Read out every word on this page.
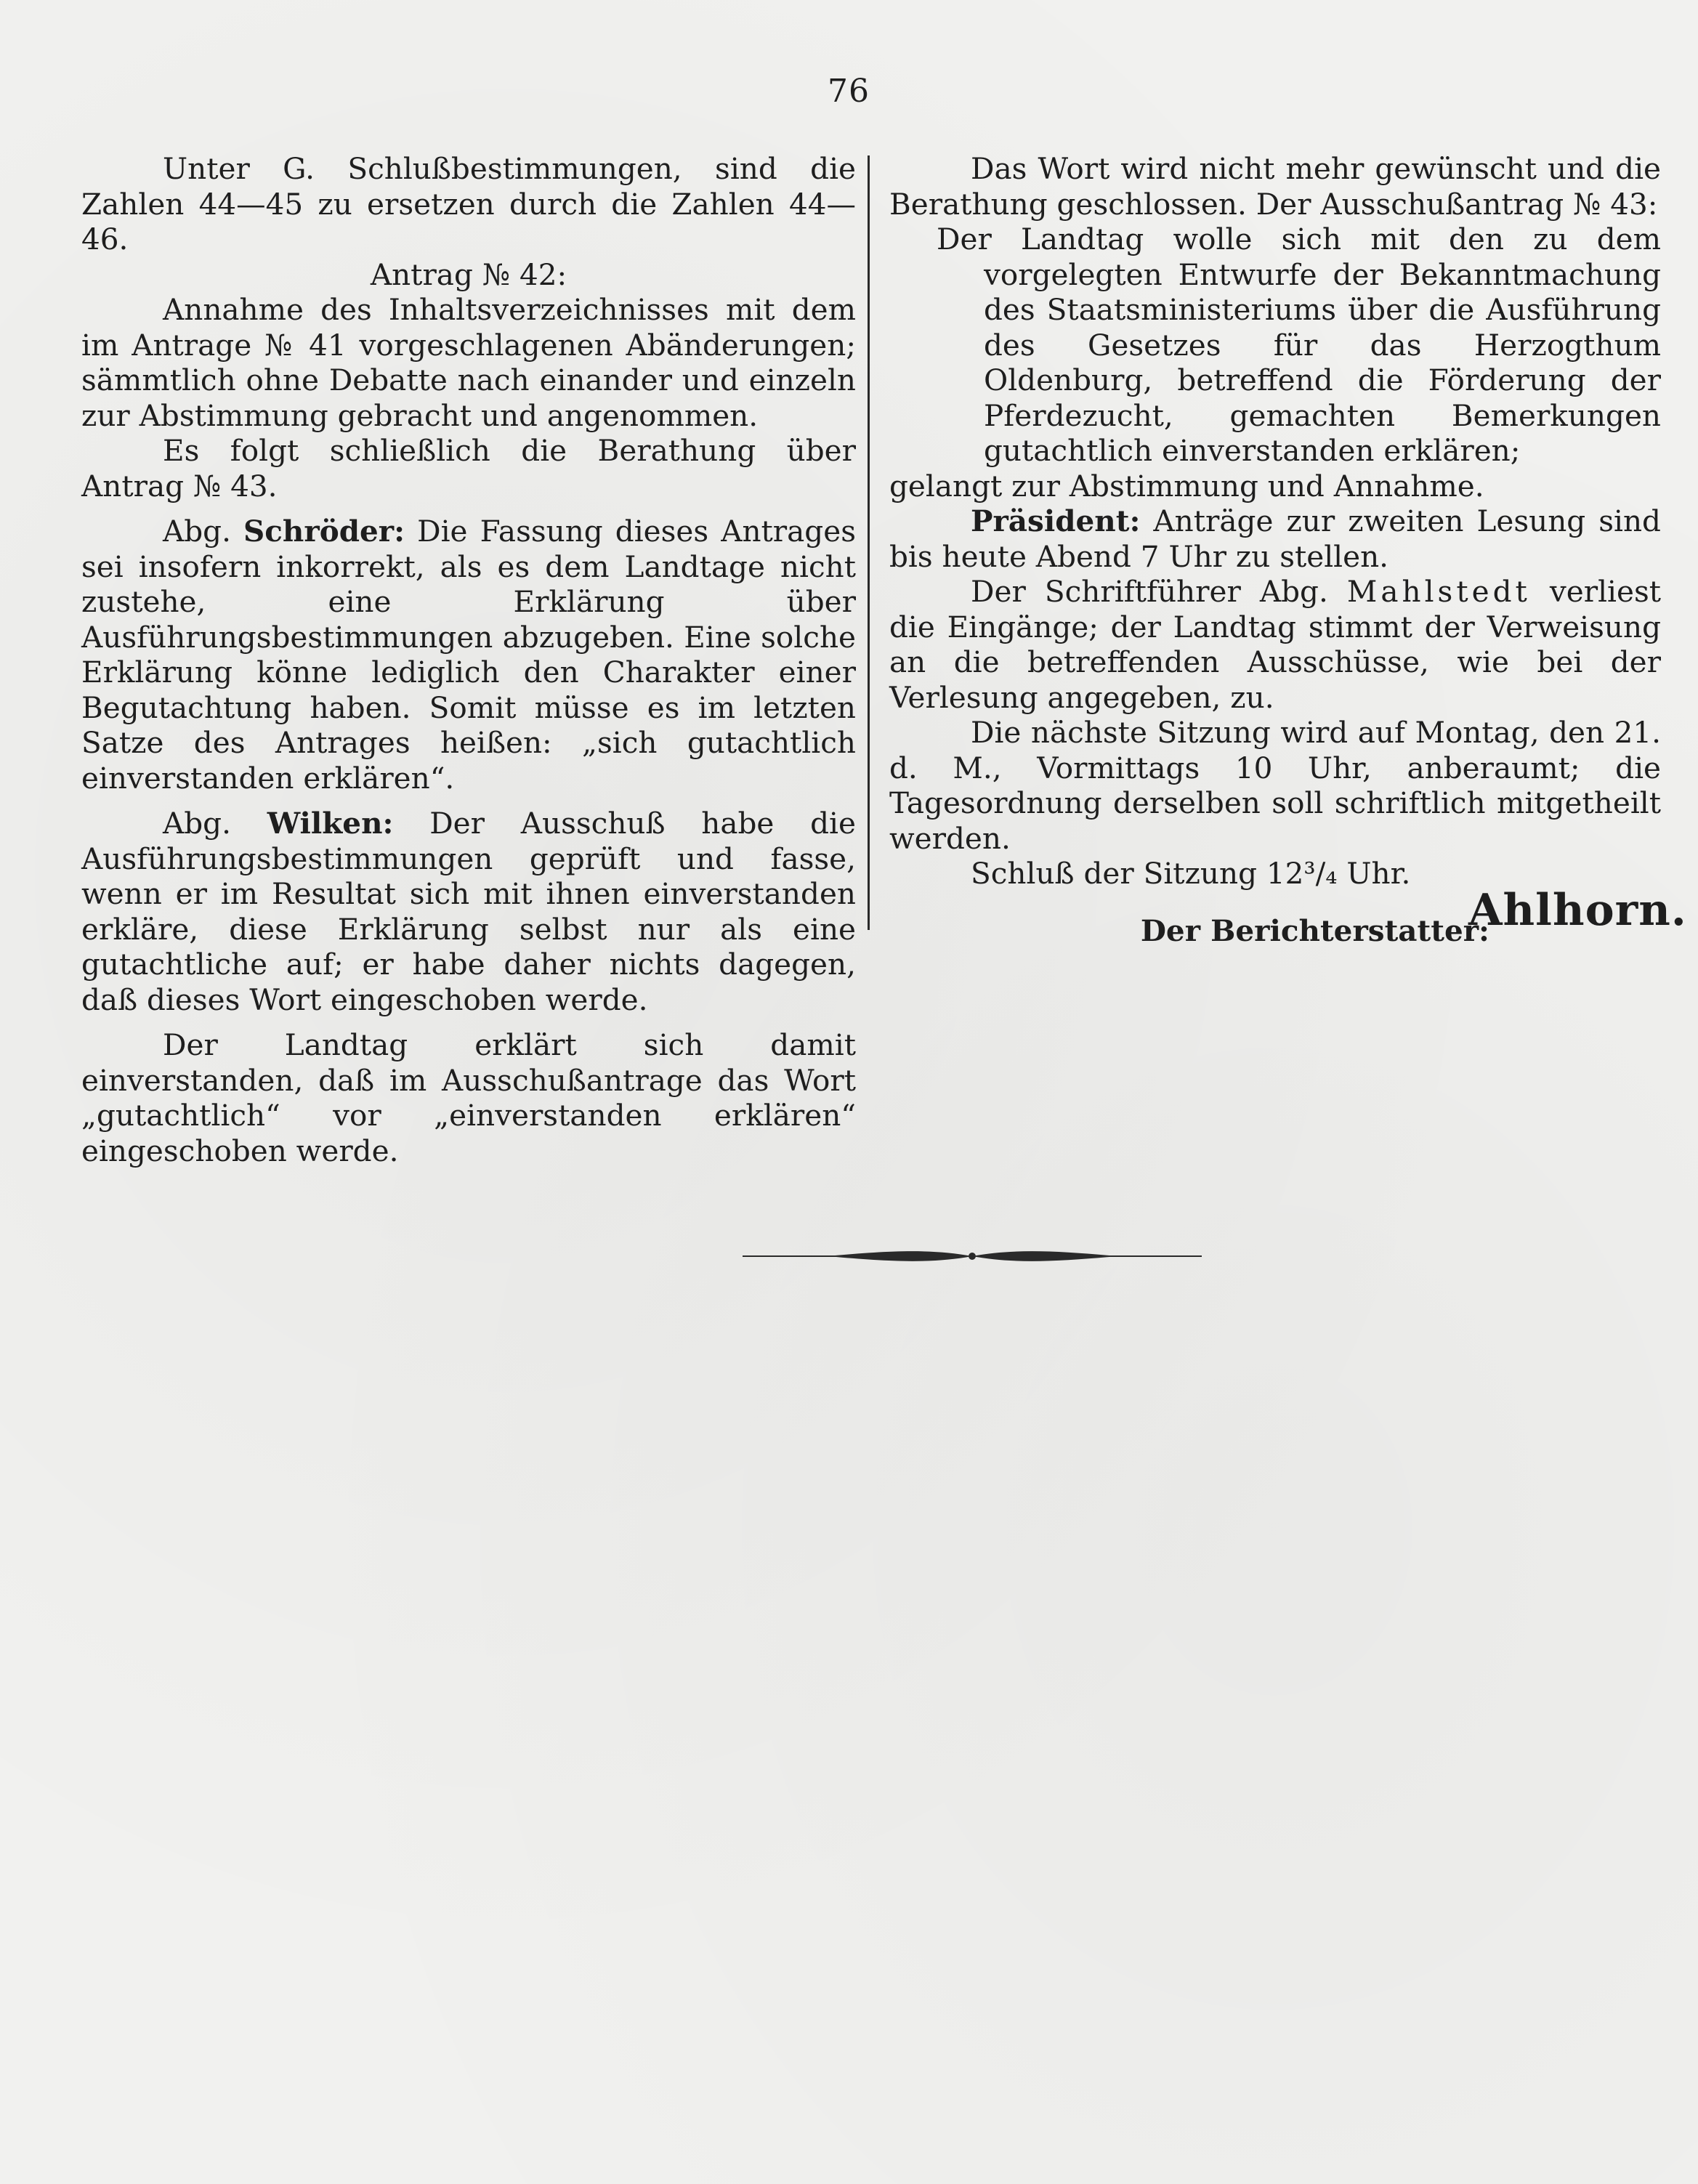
76

Unter G. Schlußbestimmungen, sind die Zahlen 44—45 zu ersetzen durch die Zahlen 44—46.

Antrag № 42:

Annahme des Inhaltsverzeichnisses mit dem im Antrage № 41 vorgeschlagenen Abänderungen; sämmtlich ohne Debatte nach einander und einzeln zur Abstimmung gebracht und angenommen.

Es folgt schließlich die Berathung über Antrag № 43.

Abg. Schröder: Die Fassung dieses Antrages sei insofern inkorrekt, als es dem Landtage nicht zustehe, eine Erklärung über Ausführungsbestimmungen abzugeben. Eine solche Erklärung könne lediglich den Charakter einer Begutachtung haben. Somit müsse es im letzten Satze des Antrages heißen: „sich gutachtlich einverstanden erklären“.

Abg. Wilken: Der Ausschuß habe die Ausführungsbestimmungen geprüft und fasse, wenn er im Resultat sich mit ihnen einverstanden erkläre, diese Erklärung selbst nur als eine gutachtliche auf; er habe daher nichts dagegen, daß dieses Wort eingeschoben werde.

Der Landtag erklärt sich damit einverstanden, daß im Ausschußantrage das Wort „gutachtlich“ vor „einverstanden erklären“ eingeschoben werde.

Das Wort wird nicht mehr gewünscht und die Berathung geschlossen. Der Ausschußantrag № 43:

Der Landtag wolle sich mit den zu dem vorgelegten Entwurfe der Bekanntmachung des Staatsministeriums über die Ausführung des Gesetzes für das Herzogthum Oldenburg, betreffend die Förderung der Pferdezucht, gemachten Bemerkungen gutachtlich einverstanden erklären;

gelangt zur Abstimmung und Annahme.

Präsident: Anträge zur zweiten Lesung sind bis heute Abend 7 Uhr zu stellen.

Der Schriftführer Abg. Mahlstedt verliest die Eingänge; der Landtag stimmt der Verweisung an die betreffenden Ausschüsse, wie bei der Verlesung angegeben, zu.

Die nächste Sitzung wird auf Montag, den 21. d. M., Vormittags 10 Uhr, anberaumt; die Tagesordnung derselben soll schriftlich mitgetheilt werden.

Schluß der Sitzung 12³/₄ Uhr.

Der Berichterstatter:

Ahlhorn.
